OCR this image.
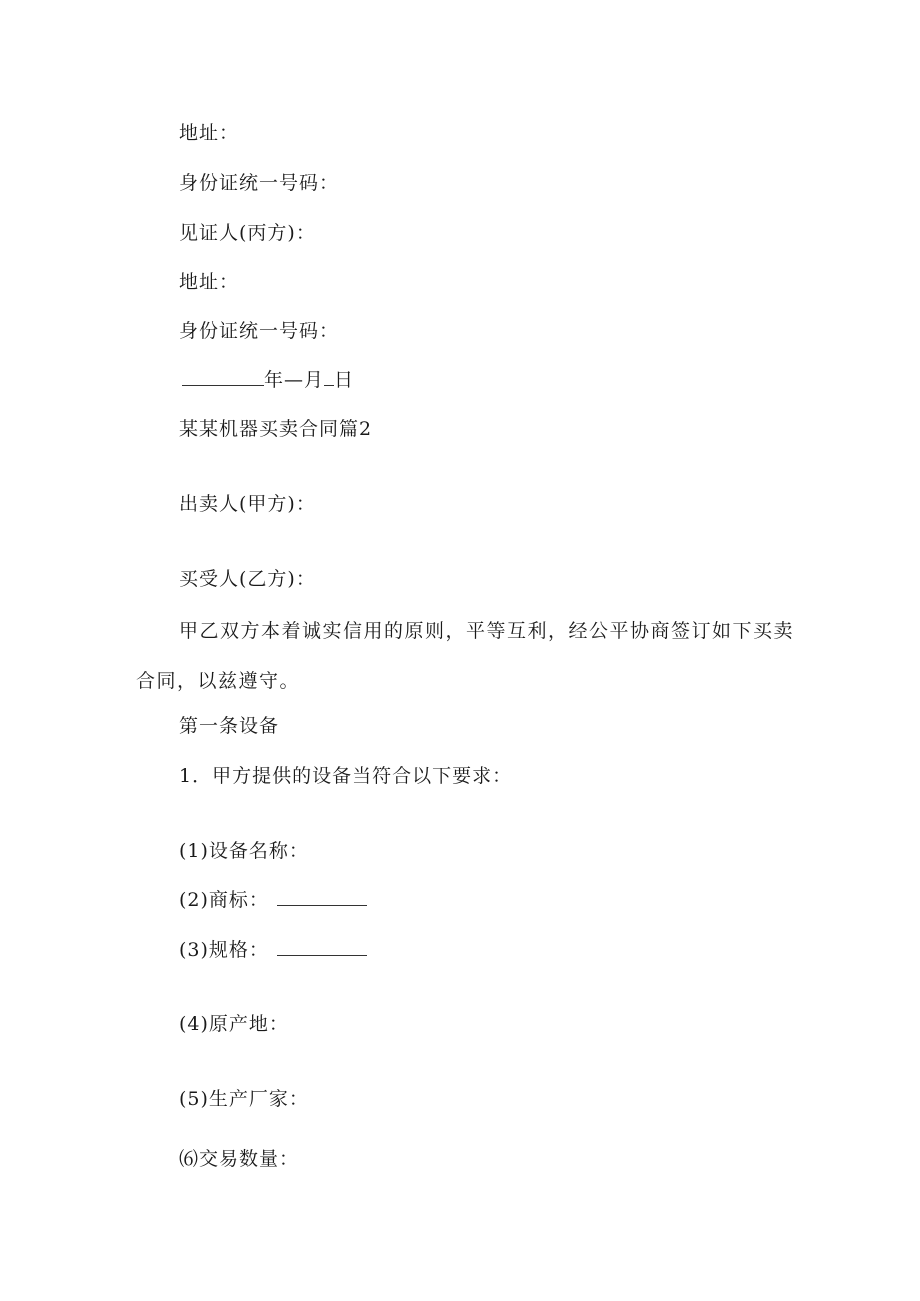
地址：
身份证统一号码：
见证人(丙方)：
地址：
身份证统一号码：
年—月 日
某某机器买卖合同篇2
出卖人(甲方)：
买受人(乙方)：
甲乙双方本着诚实信用的原则，平等互利，经公平协商签订如下买卖合同，以兹遵守。
第一条设备
1．甲方提供的设备当符合以下要求：
(1)设备名称：
(2)商标：
(3)规格：
(4)原产地：
(5)生产厂家：
⑹交易数量：
